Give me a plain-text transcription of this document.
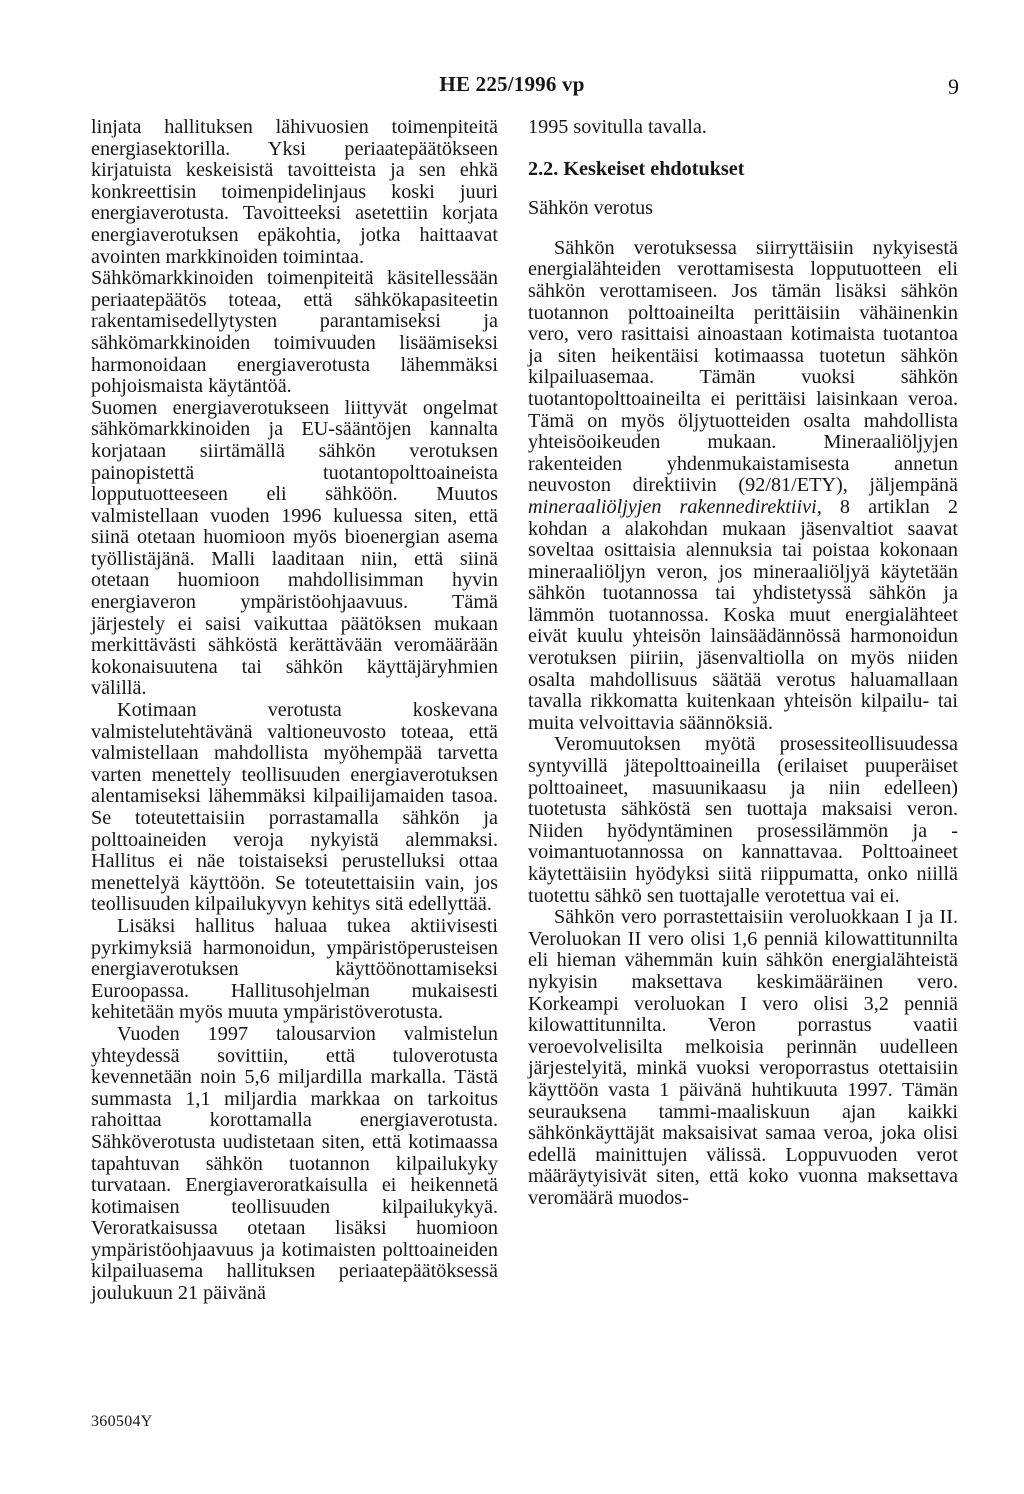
HE 225/1996 vp	9

linjata hallituksen lähivuosien toimenpiteitä energiasektorilla. Yksi periaatepäätökseen kirjatuista keskeisistä tavoitteista ja sen ehkä konkreettisin toimenpidelinjaus koski juuri energiaverotusta. Tavoitteeksi asetettiin korjata energiaverotuksen epäkohtia, jotka haittaavat avointen markkinoiden toimintaa.

Sähkömarkkinoiden toimenpiteitä käsitellessään periaatepäätös toteaa, että sähkökapasiteetin rakentamisedellytysten parantamiseksi ja sähkömarkkinoiden toimivuuden lisäämiseksi harmonoidaan energiaverotusta lähemmäksi pohjoismaista käytäntöä.

Suomen energiaverotukseen liittyvät ongelmat sähkömarkkinoiden ja EU-sääntöjen kannalta korjataan siirtämällä sähkön verotuksen painopistettä tuotantopolttoaineista lopputuotteeseen eli sähköön. Muutos valmistellaan vuoden 1996 kuluessa siten, että siinä otetaan huomioon myös bioenergian asema työllistäjänä. Malli laaditaan niin, että siinä otetaan huomioon mahdollisimman hyvin energiaveron ympäristöohjaavuus. Tämä järjestely ei saisi vaikuttaa päätöksen mukaan merkittävästi sähköstä kerättävään veromäärään kokonaisuutena tai sähkön käyttäjäryhmien välillä.

Kotimaan verotusta koskevana valmistelutehtävänä valtioneuvosto toteaa, että valmistellaan mahdollista myöhempää tarvetta varten menettely teollisuuden energiaverotuksen alentamiseksi lähemmäksi kilpailijamaiden tasoa. Se toteutettaisiin porrastamalla sähkön ja polttoaineiden veroja nykyistä alemmaksi. Hallitus ei näe toistaiseksi perustelluksi ottaa menettelyä käyttöön. Se toteutettaisiin vain, jos teollisuuden kilpailukyvyn kehitys sitä edellyttää.

Lisäksi hallitus haluaa tukea aktiivisesti pyrkimyksiä harmonoidun, ympäristöperusteisen energiaverotuksen käyttöönottamiseksi Euroopassa. Hallitusohjelman mukaisesti kehitetään myös muuta ympäristöverotusta.

Vuoden 1997 talousarvion valmistelun yhteydessä sovittiin, että tuloverotusta kevennetään noin 5,6 miljardilla markalla. Tästä summasta 1,1 miljardia markkaa on tarkoitus rahoittaa korottamalla energiaverotusta. Sähköverotusta uudistetaan siten, että kotimaassa tapahtuvan sähkön tuotannon kilpailukyky turvataan. Energiaveroratkaisulla ei heikennetä kotimaisen teollisuuden kilpailukykyä. Veroratkaisussa otetaan lisäksi huomioon ympäristöohjaavuus ja kotimaisten polttoaineiden kilpailuasema hallituksen periaatepäätöksessä joulukuun 21 päivänä

1995 sovitulla tavalla.

2.2. Keskeiset ehdotukset

Sähkön verotus

Sähkön verotuksessa siirryttäisiin nykyisestä energialähteiden verottamisesta lopputuotteen eli sähkön verottamiseen. Jos tämän lisäksi sähkön tuotannon polttoaineilta perittäisiin vähäinenkin vero, vero rasittaisi ainoastaan kotimaista tuotantoa ja siten heikentäisi kotimaassa tuotetun sähkön kilpailuasemaa. Tämän vuoksi sähkön tuotantopolttoaineilta ei perittäisi laisinkaan veroa. Tämä on myös öljytuotteiden osalta mahdollista yhteisöoikeuden mukaan. Mineraaliöljyjen rakenteiden yhdenmukaistamisesta annetun neuvoston direktiivin (92/81/ETY), jäljempänä mineraaliöljyjen rakennedirektiivi, 8 artiklan 2 kohdan a alakohdan mukaan jäsenvaltiot saavat soveltaa osittaisia alennuksia tai poistaa kokonaan mineraaliöljyn veron, jos mineraaliöljyä käytetään sähkön tuotannossa tai yhdistetyssä sähkön ja lämmön tuotannossa. Koska muut energialähteet eivät kuulu yhteisön lainsäädännössä harmonoidun verotuksen piiriin, jäsenvaltiolla on myös niiden osalta mahdollisuus säätää verotus haluamallaan tavalla rikkomatta kuitenkaan yhteisön kilpailu- tai muita velvoittavia säännöksiä.

Veromuutoksen myötä prosessiteollisuudessa syntyvillä jätepolttoaineilla (erilaiset puuperäiset polttoaineet, masuunikaasu ja niin edelleen) tuotetusta sähköstä sen tuottaja maksaisi veron. Niiden hyödyntäminen prosessilämmön ja -voimantuotannossa on kannattavaa. Polttoaineet käytettäisiin hyödyksi siitä riippumatta, onko niillä tuotettu sähkö sen tuottajalle verotettua vai ei.

Sähkön vero porrastettaisiin veroluokkaan I ja II. Veroluokan II vero olisi 1,6 penniä kilowattitunnilta eli hieman vähemmän kuin sähkön energialähteistä nykyisin maksettava keskimääräinen vero. Korkeampi veroluokan I vero olisi 3,2 penniä kilowattitunnilta. Veron porrastus vaatii veroevolvelisilta melkoisia perinnän uudelleen järjestelyitä, minkä vuoksi veroporrastus otettaisiin käyttöön vasta 1 päivänä huhtikuuta 1997. Tämän seurauksena tammi-maaliskuun ajan kaikki sähkönkäyttäjät maksaisivat samaa veroa, joka olisi edellä mainittujen välissä. Loppuvuoden verot määräytyisivät siten, että koko vuonna maksettava veromäärä muodos-

360504Y
